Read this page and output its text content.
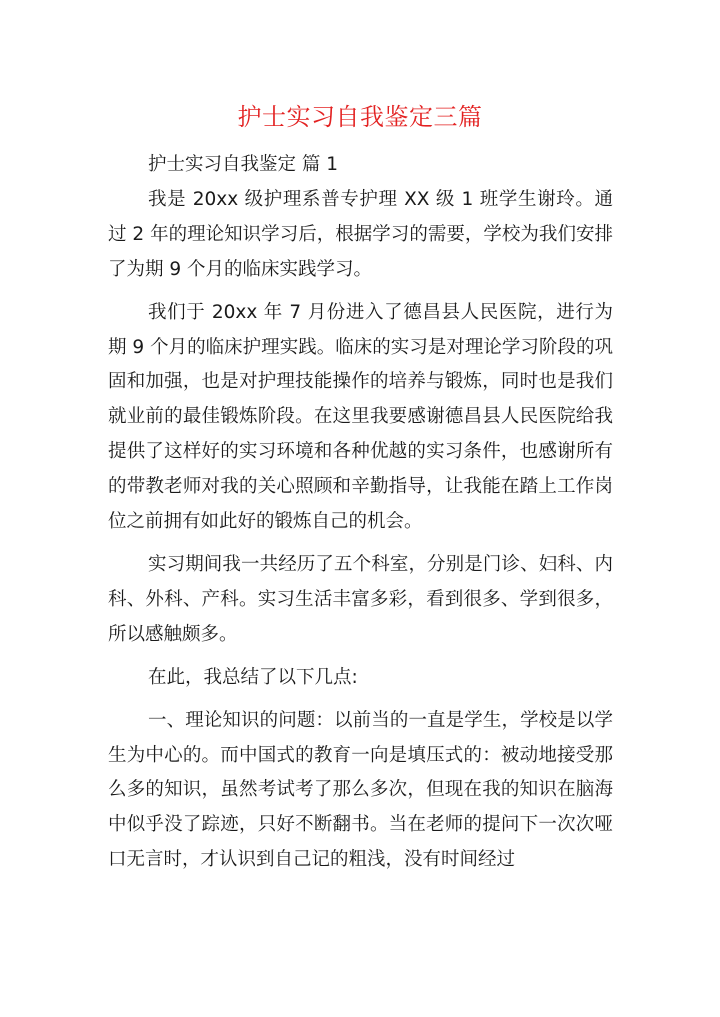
护士实习自我鉴定三篇

护士实习自我鉴定 篇 1

我是 20xx 级护理系普专护理 XX 级 1 班学生谢玲。通过 2 年的理论知识学习后，根据学习的需要，学校为我们安排了为期 9 个月的临床实践学习。

我们于 20xx 年 7 月份进入了德昌县人民医院，进行为期 9 个月的临床护理实践。临床的实习是对理论学习阶段的巩固和加强，也是对护理技能操作的培养与锻炼，同时也是我们就业前的最佳锻炼阶段。在这里我要感谢德昌县人民医院给我提供了这样好的实习环境和各种优越的实习条件，也感谢所有的带教老师对我的关心照顾和辛勤指导，让我能在踏上工作岗位之前拥有如此好的锻炼自己的机会。

实习期间我一共经历了五个科室，分别是门诊、妇科、内科、外科、产科。实习生活丰富多彩，看到很多、学到很多，所以感触颇多。

在此，我总结了以下几点:

一、理论知识的问题：以前当的一直是学生，学校是以学生为中心的。而中国式的教育一向是填压式的：被动地接受那么多的知识，虽然考试考了那么多次，但现在我的知识在脑海中似乎没了踪迹，只好不断翻书。当在老师的提问下一次次哑口无言时，才认识到自己记的粗浅，没有时间经过
